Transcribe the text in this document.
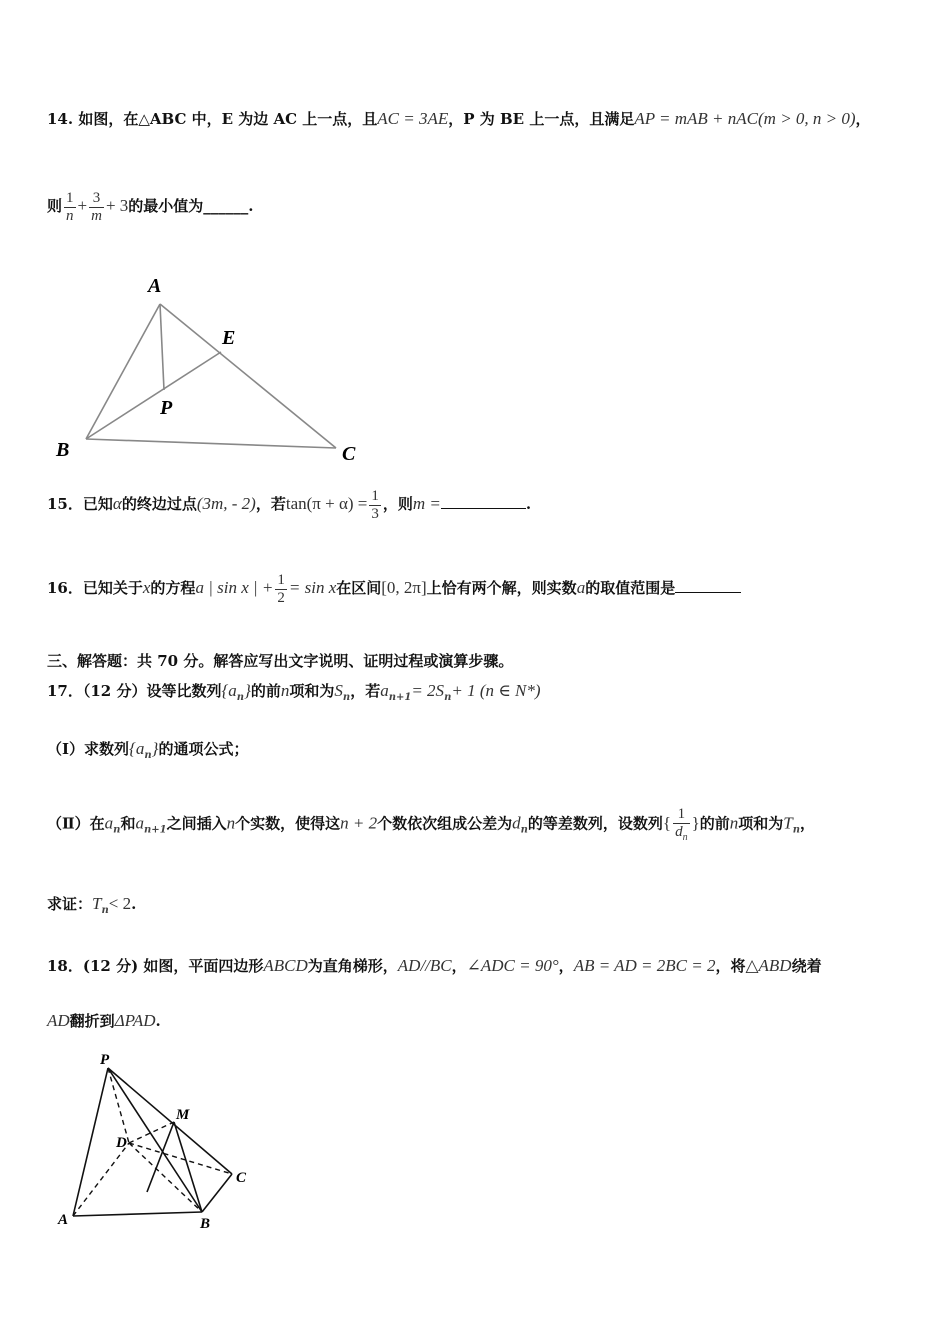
14. 如图，在△ABC 中，E 为边 AC 上一点，且AC = 3AE，P 为 BE 上一点，且满足AP = mAB + nAC(m > 0, n > 0)，
则 $\frac{1}{n} + \frac{3}{m} + 3$的最小值为______.
A
E
P
B	C
15．已知α的终边过点(3m, - 2)，若$\tan(\pi + \alpha) = \frac{1}{3}$ ，则m =	.
16．已知关于x的方程a | sin x | + $\frac{1}{2} = \sin x$在区间[0, 2π]上恰有两个解，则实数a的取值范围是
三、解答题：共 70 分。解答应写出文字说明、证明过程或演算步骤。
17．（12 分）设等比数列$\{a_n\}$的前n项和为$S_n$，若$a_{n+1}= 2S_n+ 1$ (n ∈ N*)
（Ⅰ）求数列$\{a_n\}$的通项公式；
（Ⅱ）在$a_n$和$a_{n+1}$之间插入n个实数，使得这n + 2个数依次组成公差为$d_n$的等差数列，设数列{ $\frac{1}{d_n}$ }的前n项和为$T_n$，
求证：$T_n< 2$.
18．(12 分) 如图，平面四边形ABCD为直角梯形，AD//BC，∠ADC = 90°，AB = AD = 2BC = 2，将△ABD绕着
AD翻折到ΔPAD.
P
M
D
C
A	B
